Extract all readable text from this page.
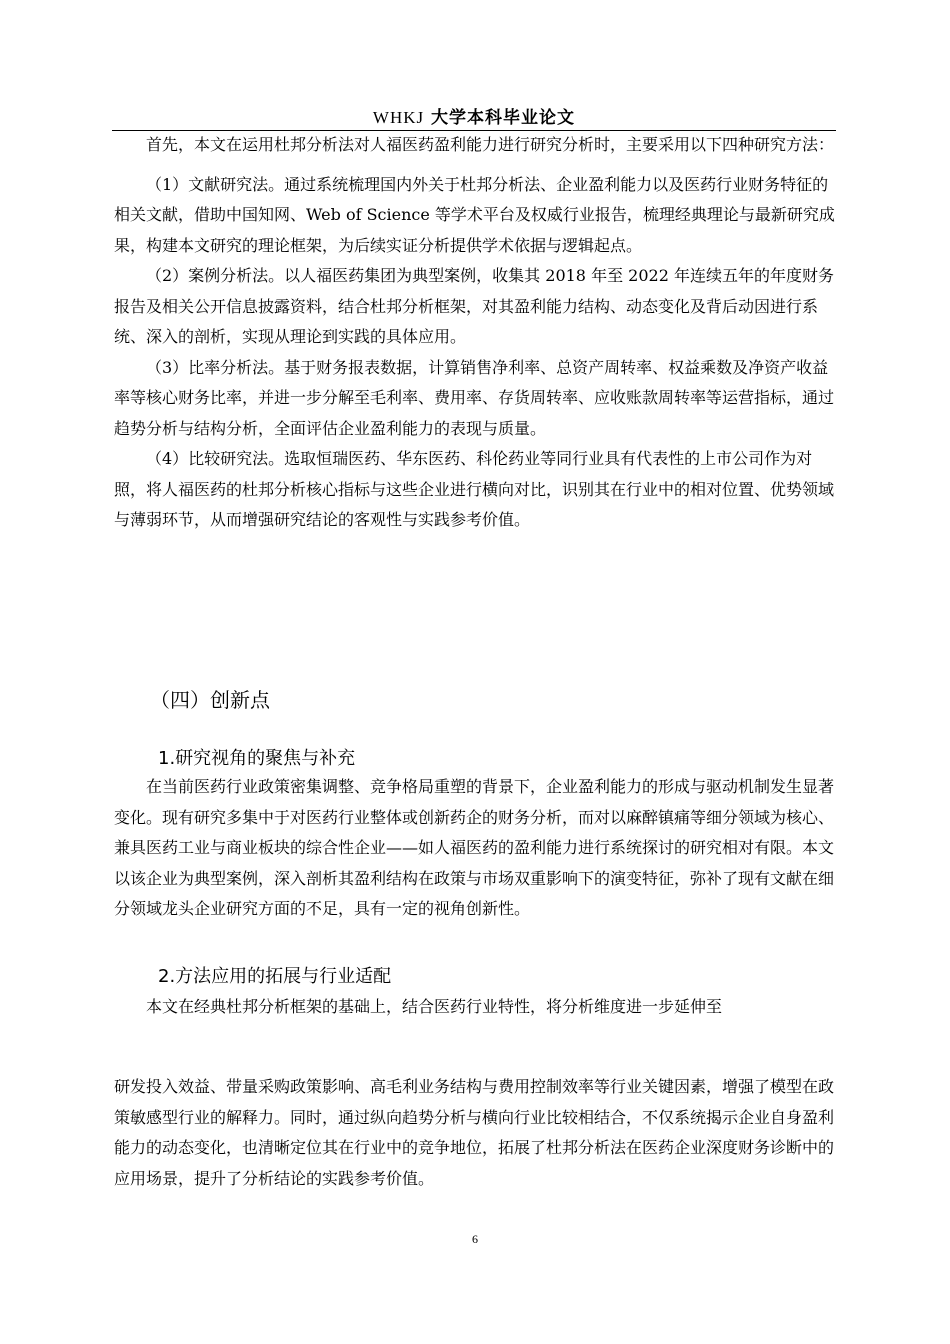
WHKJ 大学本科毕业论文

首先，本文在运用杜邦分析法对人福医药盈利能力进行研究分析时，主要采用以下四种研究方法：

（1）文献研究法。通过系统梳理国内外关于杜邦分析法、企业盈利能力以及医药行业财务特征的相关文献，借助中国知网、Web of Science 等学术平台及权威行业报告，梳理经典理论与最新研究成果，构建本文研究的理论框架，为后续实证分析提供学术依据与逻辑起点。

（2）案例分析法。以人福医药集团为典型案例，收集其 2018 年至 2022 年连续五年的年度财务报告及相关公开信息披露资料，结合杜邦分析框架，对其盈利能力结构、动态变化及背后动因进行系统、深入的剖析，实现从理论到实践的具体应用。

（3）比率分析法。基于财务报表数据，计算销售净利率、总资产周转率、权益乘数及净资产收益率等核心财务比率，并进一步分解至毛利率、费用率、存货周转率、应收账款周转率等运营指标，通过趋势分析与结构分析，全面评估企业盈利能力的表现与质量。

（4）比较研究法。选取恒瑞医药、华东医药、科伦药业等同行业具有代表性的上市公司作为对照，将人福医药的杜邦分析核心指标与这些企业进行横向对比，识别其在行业中的相对位置、优势领域与薄弱环节，从而增强研究结论的客观性与实践参考价值。

（四）创新点
1.研究视角的聚焦与补充

在当前医药行业政策密集调整、竞争格局重塑的背景下，企业盈利能力的形成与驱动机制发生显著变化。现有研究多集中于对医药行业整体或创新药企的财务分析，而对以麻醉镇痛等细分领域为核心、兼具医药工业与商业板块的综合性企业——如人福医药的盈利能力进行系统探讨的研究相对有限。本文以该企业为典型案例，深入剖析其盈利结构在政策与市场双重影响下的演变特征，弥补了现有文献在细分领域龙头企业研究方面的不足，具有一定的视角创新性。

2.方法应用的拓展与行业适配

本文在经典杜邦分析框架的基础上，结合医药行业特性，将分析维度进一步延伸至

研发投入效益、带量采购政策影响、高毛利业务结构与费用控制效率等行业关键因素，增强了模型在政策敏感型行业的解释力。同时，通过纵向趋势分析与横向行业比较相结合，不仅系统揭示企业自身盈利能力的动态变化，也清晰定位其在行业中的竞争地位，拓展了杜邦分析法在医药企业深度财务诊断中的应用场景，提升了分析结论的实践参考价值。

6
